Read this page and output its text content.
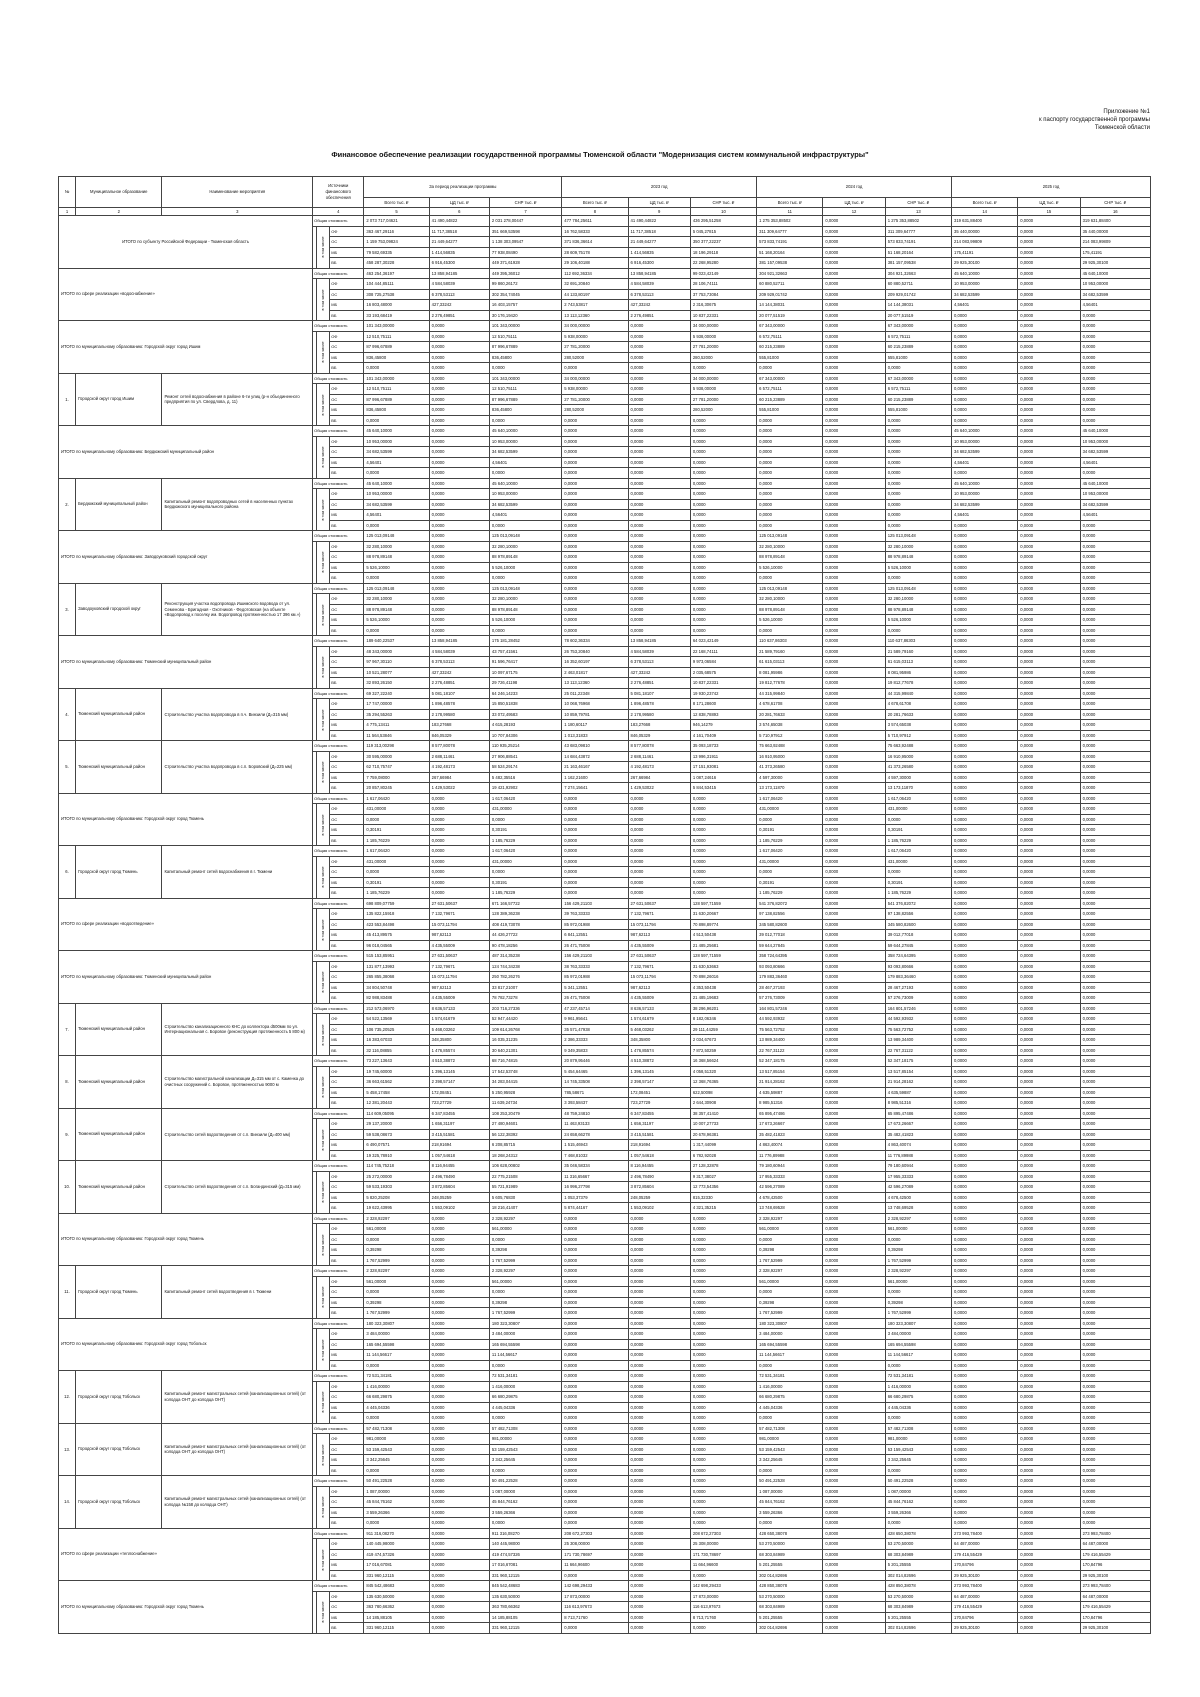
Приложение №1
к паспорту государственной программы
Тюменской области
Финансовое обеспечение реализации государственной программы Тюменской области "Модернизация систем коммунальной инфраструктуры"
№	Муниципальное образование	Наименование мероприятия	Источники финансового обеспечения			За период реализации программы			2023 год			2024 год			2025 год		
						Всего тыс. ₽	ЦД тыс. ₽	СНР тыс. ₽	Всего тыс. ₽	ЦД тыс. ₽	СНР тыс. ₽	Всего тыс. ₽	ЦД тыс. ₽	СНР тыс. ₽	Всего тыс. ₽	ЦД тыс. ₽	СНР тыс. ₽
1	2	3	4			5	6	7	8	9	10	11	12	13	14	15	16
ИТОГО по субъекту Российской Федерации - Тюменская область			Общая стоимость			2 073 717,04621	41 490,44822	2 031 278,00447	477 784,25611	41 490,44822	436 295,51258	1 275 353,88502	0,0000	1 275 353,88502	319 631,88400	0,0000	319 631,88400

				в том числе	ОФ	363 467,29116	11 717,38518	351 669,53598	16 762,58333	11 717,38518	5 045,27815	311 309,64777	0,0000	311 309,64777	35 440,00000	0,0000	35 440,00000
					ОС	1 159 753,09824	21 449,64277	1 138 303,09547	371 836,36614	21 449,64277	350 377,22237	573 833,74191	0,0000	573 833,74191	214 083,99809	0,0000	214 083,99809
					МБ	79 582,69335	1 414,56835	77 938,08490	28 609,75178	1 414,56835	18 196,29118	51 168,20164	0,0000	51 168,20164	175,41191	0,0000	175,41191
					ВБ	458 287,30228	6 916,45300	449 371,61928	29 106,40188	6 916,45300	22 268,95280	381 157,09538	0,0000	381 157,09538	29 925,30100	0,0000	29 925,30100
ИТОГО по сфере реализации «водоснабжение»			Общая стоимость			463 254,36197	13 858,94185	449 395,36012	112 692,36334	13 858,94185	99 023,42149	304 921,32663	0,0000	304 921,32663	45 640,10000	0,0000	45 640,10000

				в том числе	ОФ	104 444,85111	4 584,58039	99 860,26172	32 691,20840	4 584,58039	28 106,74111	60 880,52711	0,0000	60 880,52711	10 953,00000	0,0000	10 953,00000
					ОС	308 725,27538	6 378,53113	302 354,74045	44 133,80197	6 378,53113	37 753,73084	209 929,01742	0,0000	209 929,01742	34 682,53599	0,0000	34 682,53599
					МБ	16 803,48000	427,33242	16 403,15757	2 743,53817	427,33242	2 316,30675	14 144,38031	0,0000	14 144,38031	4,56401	0,0000	4,56401
					ВБ	33 193,68419	2 276,49851	30 176,19420	13 113,12360	2 276,49851	10 837,22331	20 077,51519	0,0000	20 077,51519	0,0000	0,0000	0,0000
ИТОГО по муниципальному образованию: Городской округ город Ишим			Общая стоимость			101 343,00000	0,0000	101 343,00000	34 000,00000	0,0000	34 000,00000	67 343,00000	0,0000	67 343,00000	0,0000	0,0000	0,0000

				в том числе	ОФ	12 510,75111	0,0000	12 510,75111	5 938,00000	0,0000	5 938,00000	6 572,75111	0,0000	6 572,75111	0,0000	0,0000	0,0000
					ОС	87 996,67889	0,0000	87 996,67889	27 781,20000	0,0000	27 781,20000	60 215,23889	0,0000	60 215,23889	0,0000	0,0000	0,0000
					МБ	836,45800	0,0000	836,45800	280,52000	0,0000	280,52000	555,81000	0,0000	555,81000	0,0000	0,0000	0,0000
					ВБ	0,0000	0,0000	0,0000	0,0000	0,0000	0,0000	0,0000	0,0000	0,0000	0,0000	0,0000	0,0000
1.	Городской округ город Ишим	Ремонт сетей водоснабжения в районе 6-ти улиц (р-н объединенного предприятия по ул. Свердлова, д. 11)	Общая стоимость			101 343,00000	0,0000	101 343,00000	34 000,00000	0,0000	34 000,00000	67 343,00000	0,0000	67 343,00000	0,0000	0,0000	0,0000

				в том числе	ОФ	12 510,75111	0,0000	12 510,75111	5 938,00000	0,0000	5 938,00000	6 572,75111	0,0000	6 572,75111	0,0000	0,0000	0,0000
					ОС	87 996,67889	0,0000	87 996,67889	27 781,20000	0,0000	27 781,20000	60 215,23889	0,0000	60 215,23889	0,0000	0,0000	0,0000
					МБ	836,45800	0,0000	836,45800	280,52000	0,0000	280,52000	555,81000	0,0000	555,81000	0,0000	0,0000	0,0000
					ВБ	0,0000	0,0000	0,0000	0,0000	0,0000	0,0000	0,0000	0,0000	0,0000	0,0000	0,0000	0,0000
ИТОГО по муниципальному образованию: Бердюжский муниципальный район			Общая стоимость			45 640,10000	0,0000	45 640,10000	0,0000	0,0000	0,0000	0,0000	0,0000	0,0000	45 640,10000	0,0000	45 640,10000

				в том числе	ОФ	10 953,00000	0,0000	10 953,00000	0,0000	0,0000	0,0000	0,0000	0,0000	0,0000	10 953,00000	0,0000	10 953,00000
					ОС	34 682,53599	0,0000	34 682,53599	0,0000	0,0000	0,0000	0,0000	0,0000	0,0000	34 682,53599	0,0000	34 682,53599
					МБ	4,56401	0,0000	4,56401	0,0000	0,0000	0,0000	0,0000	0,0000	0,0000	4,56401	0,0000	4,56401
					ВБ	0,0000	0,0000	0,0000	0,0000	0,0000	0,0000	0,0000	0,0000	0,0000	0,0000	0,0000	0,0000
2.	Бердюжский муниципальный район	Капитальный ремонт водопроводных сетей в населенных пунктах Бердюжского муниципального района	Общая стоимость			45 640,10000	0,0000	45 640,10000	0,0000	0,0000	0,0000	0,0000	0,0000	0,0000	45 640,10000	0,0000	45 640,10000

				в том числе	ОФ	10 953,00000	0,0000	10 953,00000	0,0000	0,0000	0,0000	0,0000	0,0000	0,0000	10 953,00000	0,0000	10 953,00000
					ОС	34 682,53599	0,0000	34 682,53599	0,0000	0,0000	0,0000	0,0000	0,0000	0,0000	34 682,53599	0,0000	34 682,53599
					МБ	4,56401	0,0000	4,56401	0,0000	0,0000	0,0000	0,0000	0,0000	0,0000	4,56401	0,0000	4,56401
					ВБ	0,0000	0,0000	0,0000	0,0000	0,0000	0,0000	0,0000	0,0000	0,0000	0,0000	0,0000	0,0000
ИТОГО по муниципальному образованию: Заводоуковский городской округ			Общая стоимость			125 013,09148	0,0000	125 013,09148	0,0000	0,0000	0,0000	125 013,09148	0,0000	125 013,09148	0,0000	0,0000	0,0000

				в том числе	ОФ	32 280,10000	0,0000	32 280,10000	0,0000	0,0000	0,0000	32 280,10000	0,0000	32 280,10000	0,0000	0,0000	0,0000
					ОС	88 978,89148	0,0000	88 978,89148	0,0000	0,0000	0,0000	88 978,89148	0,0000	88 978,89148	0,0000	0,0000	0,0000
					МБ	5 526,10000	0,0000	5 526,10000	0,0000	0,0000	0,0000	5 526,10000	0,0000	5 526,10000	0,0000	0,0000	0,0000
					ВБ	0,0000	0,0000	0,0000	0,0000	0,0000	0,0000	0,0000	0,0000	0,0000	0,0000	0,0000	0,0000
3.	Заводоуковский городской округ	Реконструкция участка водопровода Ишимского водовода от ул. Семенова - Бригадная - Охотников - Федотовская (на объекте «Водопровод к поселку им. Водопровод протяженностью 17 396 км.»)	Общая стоимость			125 013,09148	0,0000	125 013,09148	0,0000	0,0000	0,0000	125 013,09148	0,0000	125 013,09148	0,0000	0,0000	0,0000

				в том числе	ОФ	32 280,10000	0,0000	32 280,10000	0,0000	0,0000	0,0000	32 280,10000	0,0000	32 280,10000	0,0000	0,0000	0,0000
					ОС	88 978,89148	0,0000	88 978,89148	0,0000	0,0000	0,0000	88 978,89148	0,0000	88 978,89148	0,0000	0,0000	0,0000
					МБ	5 526,10000	0,0000	5 526,10000	0,0000	0,0000	0,0000	5 526,10000	0,0000	5 526,10000	0,0000	0,0000	0,0000
					ВБ	0,0000	0,0000	0,0000	0,0000	0,0000	0,0000	0,0000	0,0000	0,0000	0,0000	0,0000	0,0000
ИТОГО по муниципальному образованию: Тюменский муниципальный район			Общая стоимость			189 640,22537	13 858,94185	175 181,28452	78 602,36334	13 858,94185	64 023,42149	110 637,86303	0,0000	110 637,86303	0,0000	0,0000	0,0000

				в том числе	ОФ	48 343,00000	4 584,58039	43 757,41561	26 753,20840	4 584,58039	22 168,74111	21 589,79160	0,0000	21 589,79160	0,0000	0,0000	0,0000
					ОС	97 967,30110	6 378,53113	91 596,76417	16 352,60197	6 378,53113	9 973,06584	61 615,03113	0,0000	61 615,03113	0,0000	0,0000	0,0000
					МБ	10 521,28077	427,33242	10 097,67175	2 463,01817	427,33242	2 035,68575	8 081,95986	0,0000	8 081,95986	0,0000	0,0000	0,0000
					ВБ	32 893,26150	2 276,48851	29 726,41198	13 113,12360	2 276,48851	10 837,22331	19 812,77678	0,0000	19 812,77678	0,0000	0,0000	0,0000
4.	Тюменский муниципальный район	Строительство участка водопровода в п.ч. Винзили (Д=315 мм)	Общая стоимость			69 327,22240	5 081,18107	64 246,14233	25 011,22348	5 081,18107	19 930,23742	44 315,99840	0,0000	44 315,99840	0,0000	0,0000	0,0000

				в том числе	ОФ	17 747,00000	1 896,48578	15 850,51838	10 068,76968	1 896,48578	8 171,28600	4 678,61708	0,0000	4 678,61708	0,0000	0,0000	0,0000
					ОС	35 294,55263	2 178,99580	33 072,49583	10 859,79781	2 178,99580	12 838,78893	20 281,76633	0,0000	20 281,76633	0,0000	0,0000	0,0000
					МБ	4 775,13411	183,27668	4 615,28193	1 180,60117	183,27668	946,14279	3 574,65038	0,0000	3 574,65038	0,0000	0,0000	0,0000
					ВБ	11 564,53846	846,05329	10 707,84306	1 013,31833	846,05329	4 161,70409	5 710,97912	0,0000	5 710,97912	0,0000	0,0000	0,0000
5.	Тюменский муниципальный район	Строительство участка водопровода в с.п. Боровский (Д=225 мм)	Общая стоимость			119 313,00298	8 577,80078	110 935,25214	43 683,09810	8 577,80078	35 093,18733	75 663,92488	0,0000	75 663,92488	0,0000	0,0000	0,0000

				в том числе	ОФ	30 595,00000	2 688,11461	27 906,88541	14 684,43872	2 688,11461	13 996,31911	16 910,95000	0,0000	16 910,95000	0,0000	0,0000	0,0000
					ОС	62 710,75747	4 192,48173	58 524,29174	21 163,46167	4 192,48173	17 151,93081	41 373,26580	0,0000	41 373,26580	0,0000	0,0000	0,0000
					МБ	7 759,08000	267,66984	5 482,35516	1 162,21600	267,66984	1 087,24616	4 597,30000	0,0000	4 597,30000	0,0000	0,0000	0,0000
					ВБ	20 857,80245	1 429,53022	19 421,92902	7 274,15641	1 429,53022	5 844,53415	13 173,11870	0,0000	13 173,11870	0,0000	0,0000	0,0000
ИТОГО по муниципальному образованию: Городской округ город Тюмень			Общая стоимость			1 617,06420	0,0000	1 617,06420	0,0000	0,0000	0,0000	1 617,06420	0,0000	1 617,06420	0,0000	0,0000	0,0000

				в том числе	ОФ	431,00000	0,0000	431,00000	0,0000	0,0000	0,0000	431,00000	0,0000	431,00000	0,0000	0,0000	0,0000
					ОС	0,0000	0,0000	0,0000	0,0000	0,0000	0,0000	0,0000	0,0000	0,0000	0,0000	0,0000	0,0000
					МБ	0,30191	0,0000	0,30191	0,0000	0,0000	0,0000	0,30191	0,0000	0,30191	0,0000	0,0000	0,0000
					ВБ	1 185,76229	0,0000	1 185,76229	0,0000	0,0000	0,0000	1 185,76229	0,0000	1 185,76229	0,0000	0,0000	0,0000
6.	Городской округ город Тюмень	Капитальный ремонт сетей водоснабжения в г. Тюмени	Общая стоимость			1 617,06420	0,0000	1 617,06420	0,0000	0,0000	0,0000	1 617,06420	0,0000	1 617,06420	0,0000	0,0000	0,0000

				в том числе	ОФ	431,00000	0,0000	431,00000	0,0000	0,0000	0,0000	431,00000	0,0000	431,00000	0,0000	0,0000	0,0000
					ОС	0,0000	0,0000	0,0000	0,0000	0,0000	0,0000	0,0000	0,0000	0,0000	0,0000	0,0000	0,0000
					МБ	0,30191	0,0000	0,30191	0,0000	0,0000	0,0000	0,30191	0,0000	0,30191	0,0000	0,0000	0,0000
					ВБ	1 185,76229	0,0000	1 185,76229	0,0000	0,0000	0,0000	1 185,76229	0,0000	1 185,76229	0,0000	0,0000	0,0000
ИТОГО по сфере реализации «водоотведение»			Общая стоимость			698 809,07759	27 631,50637	671 166,57722	156 429,21103	27 631,50637	128 597,71559	541 376,82072	0,0000	541 376,82072	0,0000	0,0000	0,0000

				в том числе	ОФ	135 822,15918	7 132,79671	128 389,36238	39 763,33333	7 132,79671	31 630,20667	97 138,82556	0,0000	97 138,82556	0,0000	0,0000	0,0000
					ОС	423 553,84498	15 073,11794	408 419,73078	85 972,01988	15 073,11794	70 898,89774	345 580,82600	0,0000	345 580,82600	0,0000	0,0000	0,0000
					МБ	45 413,89575	987,62113	44 426,27722	6 841,12551	987,62113	4 513,50438	39 012,77018	0,0000	39 012,77018	0,0000	0,0000	0,0000
					ВБ	96 018,04565	4 435,55009	90 478,18256	26 471,75008	4 435,55009	21 485,25681	59 644,27845	0,0000	59 644,27845	0,0000	0,0000	0,0000
ИТОГО по муниципальному образованию: Тюменский муниципальный район			Общая стоимость			515 153,85951	27 631,50637	487 314,35238	156 429,21103	27 631,50637	128 597,71559	358 724,64395	0,0000	358 724,64395	0,0000	0,0000	0,0000

				в том числе	ОФ	131 877,13993	7 132,79671	124 744,34238	38 763,33333	7 132,79671	31 630,53663	93 093,80666	0,0000	93 093,80666	0,0000	0,0000	0,0000
					ОС	265 855,38068	15 073,11794	250 782,26276	85 972,01988	15 073,11794	70 898,26016	179 883,36460	0,0000	179 883,36460	0,0000	0,0000	0,0000
					МБ	34 804,50748	987,62113	33 817,21007	5 341,12551	987,62113	4 353,50438	28 467,27193	0,0000	28 467,27193	0,0000	0,0000	0,0000
					ВБ	82 988,83488	4 435,55009	78 782,73278	26 471,75008	4 435,55009	21 485,19683	57 276,73009	0,0000	57 276,73009	0,0000	0,0000	0,0000
7.	Тюменский муниципальный район	Строительство канализационного КНС до коллектора d500мм по ул. Интернациональная с. Боровое (реконструкция протяженность 5 800 м)	Общая стоимость			212 573,06970	8 636,57133	203 716,27336	47 237,45714	8 636,57133	38 296,96201	164 801,57246	0,0000	164 801,57246	0,0000	0,0000	0,0000

				в том числе	ОФ	54 522,13569	1 574,61679	52 947,44420	9 961,95641	1 574,61679	8 182,06346	44 592,93932	0,0000	44 592,93932	0,0000	0,0000	0,0000
					ОС	106 735,20525	5 468,03262	109 614,26768	35 571,47938	5 468,03262	29 111,44259	75 563,72752	0,0000	75 563,72752	0,0000	0,0000	0,0000
					МБ	16 383,67033	348,35800	16 035,31235	2 386,33333	348,35800	2 034,67673	13 989,34400	0,0000	13 989,34400	0,0000	0,0000	0,0000
					ВБ	32 116,08855	1 476,85574	30 640,21301	9 349,35833	1 476,85574	7 872,50259	22 767,31122	0,0000	22 767,31122	0,0000	0,0000	0,0000
8.	Тюменский муниципальный район	Строительство магистральной канализации Д=315 мм от с. Каменка до очистных сооружений с. Боровое, протяженностью 9000 м	Общая стоимость			73 227,13643	4 510,38872	68 716,74815	20 879,95446	4 510,38872	16 368,56624	52 347,18175	0,0000	52 347,18175	0,0000	0,0000	0,0000

				в том числе	ОФ	19 745,60000	1 396,13145	17 542,53748	5 454,64465	1 396,13145	4 058,51320	13 517,85154	0,0000	13 517,85154	0,0000	0,0000	0,0000
					ОС	36 663,61562	2 398,57147	34 283,04415	14 745,33508	2 398,57147	12 368,76365	21 914,28162	0,0000	21 914,28162	0,0000	0,0000	0,0000
					МБ	5 458,17458	172,08451	5 250,95928	785,58671	172,08451	622,50098	4 635,59887	0,0000	4 635,59887	0,0000	0,0000	0,0000
					ВБ	12 381,20443	723,27729	11 639,24734	3 393,58437	723,27729	2 644,30908	8 985,51316	0,0000	8 985,51316	0,0000	0,0000	0,0000
9.	Тюменский муниципальный район	Строительство сетей водоотведения от с.п. Винзили (Д=400 мм)	Общая стоимость			114 609,05095	6 347,83455	108 253,20479	48 759,24810	6 347,83455	38 357,41410	65 895,47486	0,0000	65 895,47486	0,0000	0,0000	0,0000

				в том числе	ОФ	29 137,20000	1 656,31197	27 480,94601	11 463,93133	1 656,31197	10 007,27733	17 673,26667	0,0000	17 673,26667	0,0000	0,0000	0,0000
					ОС	59 538,08673	3 415,51581	56 122,38392	24 658,66278	3 415,51581	20 678,96381	35 482,41823	0,0000	35 482,41823	0,0000	0,0000	0,0000
					МБ	6 490,07571	218,91694	6 208,85715	1 515,46943	218,91694	1 317,44099	4 863,40074	0,0000	4 863,40074	0,0000	0,0000	0,0000
					ВБ	19 325,78910	1 057,54618	18 268,24312	7 468,81032	1 057,54618	6 782,92028	11 776,89988	0,0000	11 776,89988	0,0000	0,0000	0,0000
10.	Тюменский муниципальный район	Строительство сетей водоотведения от с.п. Богандинский (Д=315 мм)	Общая стоимость			114 745,75218	8 116,94455	106 628,00802	35 046,58334	8 116,94455	27 128,32878	79 180,60944	0,0000	79 180,60944	0,0000	0,0000	0,0000

				в том числе	ОФ	25 272,00000	2 496,78490	22 775,21508	11 316,65667	2 496,78490	9 317,38027	17 955,33333	0,0000	17 955,33333	0,0000	0,0000	0,0000
					ОС	59 533,19303	3 872,85604	55 721,91989	16 996,27798	3 872,85604	12 773,54356	42 596,27089	0,0000	42 596,27089	0,0000	0,0000	0,0000
					МБ	5 820,25208	248,05259	5 605,76830	1 053,37379	248,05259	815,32330	4 678,42500	0,0000	4 678,42500	0,0000	0,0000	0,0000
					ВБ	19 622,43995	1 553,09102	18 216,41407	5 874,44167	1 553,09102	4 321,35215	13 748,69528	0,0000	13 748,69528	0,0000	0,0000	0,0000
ИТОГО по муниципальному образованию: Городской округ город Тюмень			Общая стоимость			2 328,92297	0,0000	2 328,92297	0,0000	0,0000	0,0000	2 328,92297	0,0000	2 328,92297	0,0000	0,0000	0,0000

				в том числе	ОФ	561,00000	0,0000	561,00000	0,0000	0,0000	0,0000	561,00000	0,0000	561,00000	0,0000	0,0000	0,0000
					ОС	0,0000	0,0000	0,0000	0,0000	0,0000	0,0000	0,0000	0,0000	0,0000	0,0000	0,0000	0,0000
					МБ	0,39298	0,0000	0,39298	0,0000	0,0000	0,0000	0,39298	0,0000	0,39298	0,0000	0,0000	0,0000
					ВБ	1 767,52999	0,0000	1 767,52999	0,0000	0,0000	0,0000	1 767,52999	0,0000	1 767,52999	0,0000	0,0000	0,0000
11.	Городской округ город Тюмень	Капитальный ремонт сетей водоотведения в г. Тюмени	Общая стоимость			2 328,92297	0,0000	2 328,92297	0,0000	0,0000	0,0000	2 328,92297	0,0000	2 328,92297	0,0000	0,0000	0,0000

				в том числе	ОФ	561,00000	0,0000	561,00000	0,0000	0,0000	0,0000	561,00000	0,0000	561,00000	0,0000	0,0000	0,0000
					ОС	0,0000	0,0000	0,0000	0,0000	0,0000	0,0000	0,0000	0,0000	0,0000	0,0000	0,0000	0,0000
					МБ	0,39298	0,0000	0,39298	0,0000	0,0000	0,0000	0,39298	0,0000	0,39298	0,0000	0,0000	0,0000
					ВБ	1 767,52999	0,0000	1 767,52999	0,0000	0,0000	0,0000	1 767,52999	0,0000	1 767,52999	0,0000	0,0000	0,0000
ИТОГО по муниципальному образованию: Городской округ город Тобольск			Общая стоимость			180 323,30807	0,0000	180 323,30807	0,0000	0,0000	0,0000	180 323,30807	0,0000	180 323,30807	0,0000	0,0000	0,0000

				в том числе	ОФ	3 484,00000	0,0000	3 484,00000	0,0000	0,0000	0,0000	3 484,00000	0,0000	3 484,00000	0,0000	0,0000	0,0000
					ОС	165 694,55598	0,0000	165 694,55598	0,0000	0,0000	0,0000	165 694,55598	0,0000	165 694,55598	0,0000	0,0000	0,0000
					МБ	11 144,56617	0,0000	11 144,56617	0,0000	0,0000	0,0000	11 144,56617	0,0000	11 144,56617	0,0000	0,0000	0,0000
					ВБ	0,0000	0,0000	0,0000	0,0000	0,0000	0,0000	0,0000	0,0000	0,0000	0,0000	0,0000	0,0000
12.	Городской округ город Тобольск	Капитальный ремонт магистральных сетей (канализационных сетей) (от колодца ОНТ до колодца ОНТ)	Общая стоимость			72 531,34181	0,0000	72 531,34181	0,0000	0,0000	0,0000	72 531,34181	0,0000	72 531,34181	0,0000	0,0000	0,0000

				в том числе	ОФ	1 416,00000	0,0000	1 416,00000	0,0000	0,0000	0,0000	1 416,00000	0,0000	1 416,00000	0,0000	0,0000	0,0000
					ОС	66 680,29875	0,0000	66 680,29875	0,0000	0,0000	0,0000	66 680,29875	0,0000	66 680,29875	0,0000	0,0000	0,0000
					МБ	4 445,04336	0,0000	4 445,04336	0,0000	0,0000	0,0000	4 445,04336	0,0000	4 445,04336	0,0000	0,0000	0,0000
					ВБ	0,0000	0,0000	0,0000	0,0000	0,0000	0,0000	0,0000	0,0000	0,0000	0,0000	0,0000	0,0000
13.	Городской округ город Тобольск	Капитальный ремонт магистральных сетей (канализационных сетей) (от колодца ОНТ до колодца ОНТ)	Общая стоимость			57 482,71308	0,0000	57 482,71308	0,0000	0,0000	0,0000	57 482,71308	0,0000	57 482,71308	0,0000	0,0000	0,0000

				в том числе	ОФ	981,00000	0,0000	981,00000	0,0000	0,0000	0,0000	981,00000	0,0000	981,00000	0,0000	0,0000	0,0000
					ОС	53 159,42543	0,0000	53 159,42543	0,0000	0,0000	0,0000	53 159,42543	0,0000	53 159,42543	0,0000	0,0000	0,0000
					МБ	3 342,25645	0,0000	3 342,25645	0,0000	0,0000	0,0000	3 342,25645	0,0000	3 342,25645	0,0000	0,0000	0,0000
					ВБ	0,0000	0,0000	0,0000	0,0000	0,0000	0,0000	0,0000	0,0000	0,0000	0,0000	0,0000	0,0000
14.	Городской округ город Тобольск	Капитальный ремонт магистральных сетей (канализационных сетей) (от колодца №158 до колодца ОНТ)	Общая стоимость			50 491,22528	0,0000	50 491,22528	0,0000	0,0000	0,0000	50 491,22528	0,0000	50 491,22528	0,0000	0,0000	0,0000

				в том числе	ОФ	1 087,00000	0,0000	1 087,00000	0,0000	0,0000	0,0000	1 087,00000	0,0000	1 087,00000	0,0000	0,0000	0,0000
					ОС	45 844,76162	0,0000	45 844,76162	0,0000	0,0000	0,0000	45 844,76162	0,0000	45 844,76162	0,0000	0,0000	0,0000
					МБ	3 559,26366	0,0000	3 559,26366	0,0000	0,0000	0,0000	3 559,26366	0,0000	3 559,26366	0,0000	0,0000	0,0000
					ВБ	0,0000	0,0000	0,0000	0,0000	0,0000	0,0000	0,0000	0,0000	0,0000	0,0000	0,0000	0,0000
ИТОГО по сфере реализации «теплоснабжение»			Общая стоимость			911 316,08270	0,0000	911 316,08270	208 672,27303	0,0000	208 672,27303	428 650,38078	0,0000	428 650,38078	273 993,78400	0,0000	273 993,78400

				в том числе	ОФ	140 445,98000	0,0000	140 445,98000	25 308,00000	0,0000	25 308,00000	53 270,50000	0,0000	53 270,50000	64 487,00000	0,0000	64 487,00000
					ОС	419 474,57326	0,0000	419 474,57326	171 730,78697	0,0000	171 730,78697	68 303,84989	0,0000	68 303,84989	179 416,55429	0,0000	179 416,55429
					МБ	17 016,67081	0,0000	17 016,67081	11 664,96600	0,0000	11 664,96600	5 201,25555	0,0000	5 201,25555	170,84796	0,0000	170,84796
					ВБ	331 960,12115	0,0000	331 960,12115	0,0000	0,0000	0,0000	302 014,82696	0,0000	302 014,82696	29 925,30100	0,0000	29 925,30100
ИТОГО по муниципальному образованию: Городской округ город Тюмень			Общая стоимость			845 542,48683	0,0000	845 542,48683	142 698,29433	0,0000	142 698,29433	428 850,38078	0,0000	428 850,38078	273 993,78400	0,0000	273 993,78400

				в том числе	ОФ	135 630,50000	0,0000	135 630,50000	17 873,00000	0,0000	17 873,00000	53 270,50000	0,0000	53 270,50000	64 487,00000	0,0000	64 487,00000
					ОС	363 780,66362	0,0000	363 780,66362	116 613,97673	0,0000	116 613,97673	68 303,84989	0,0000	68 303,84989	179 416,55429	0,0000	179 416,55429
					МБ	14 185,88105	0,0000	14 185,88105	8 713,71760	0,0000	8 713,71760	5 201,25555	0,0000	5 201,25555	170,84796	0,0000	170,84796
					ВБ	331 960,12115	0,0000	331 960,12115	0,0000	0,0000	0,0000	302 014,82696	0,0000	302 014,82696	29 925,30100	0,0000	29 925,30100
